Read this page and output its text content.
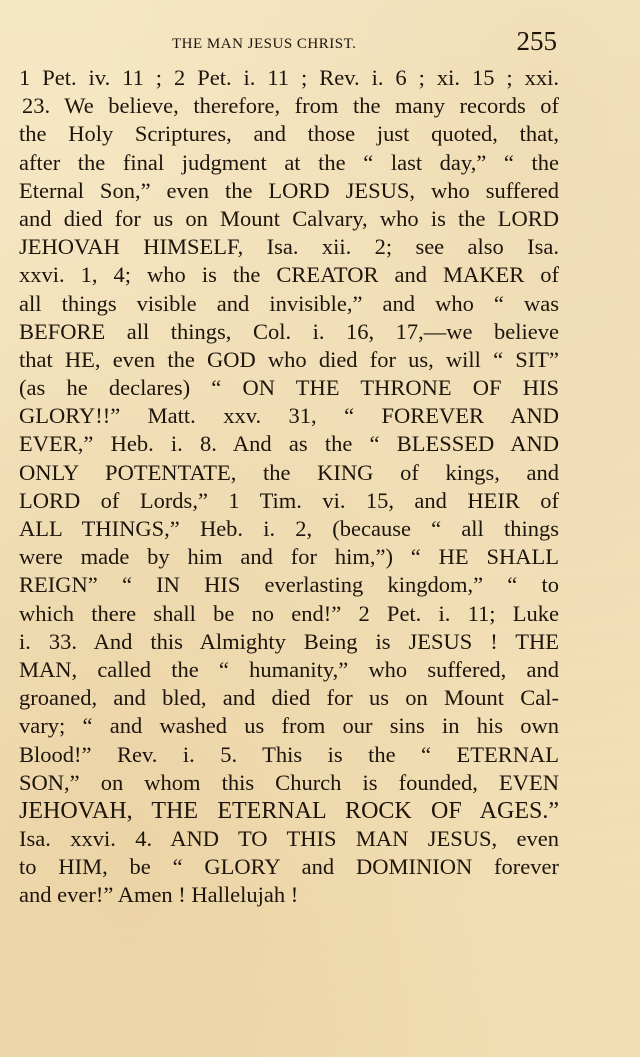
THE MAN JESUS CHRIST.	255
1 Pet. iv. 11 ; 2 Pet. i. 11 ; Rev. i. 6 ; xi. 15 ; xxi.
23. We believe, therefore, from the many records of
the Holy Scriptures, and those just quoted, that,
after the final judgment at the “ last day,” “ the
Eternal Son,” even the LORD JESUS, who suffered
and died for us on Mount Calvary, who is the LORD
JEHOVAH HIMSELF, Isa. xii. 2; see also Isa.
xxvi. 1, 4; who is the CREATOR and MAKER of
all things visible and invisible,” and who “ was
BEFORE all things, Col. i. 16, 17,—we believe
that HE, even the GOD who died for us, will “ SIT”
(as he declares) “ ON THE THRONE OF HIS
GLORY!!” Matt. xxv. 31, “ FOREVER AND
EVER,” Heb. i. 8. And as the “ BLESSED AND
ONLY POTENTATE, the KING of kings, and
LORD of Lords,” 1 Tim. vi. 15, and HEIR of
ALL THINGS,” Heb. i. 2, (because “ all things
were made by him and for him,”) “ HE SHALL
REIGN” “ IN HIS everlasting kingdom,” “ to
which there shall be no end!” 2 Pet. i. 11; Luke
i. 33. And this Almighty Being is JESUS ! THE
MAN, called the “ humanity,” who suffered, and
groaned, and bled, and died for us on Mount Cal-
vary; “ and washed us from our sins in his own
Blood!” Rev. i. 5. This is the “ ETERNAL
SON,” on whom this Church is founded, EVEN
JEHOVAH, THE ETERNAL ROCK OF AGES.”
Isa. xxvi. 4. AND TO THIS MAN JESUS, even
to HIM, be “ GLORY and DOMINION forever
and ever!” Amen ! Hallelujah !
